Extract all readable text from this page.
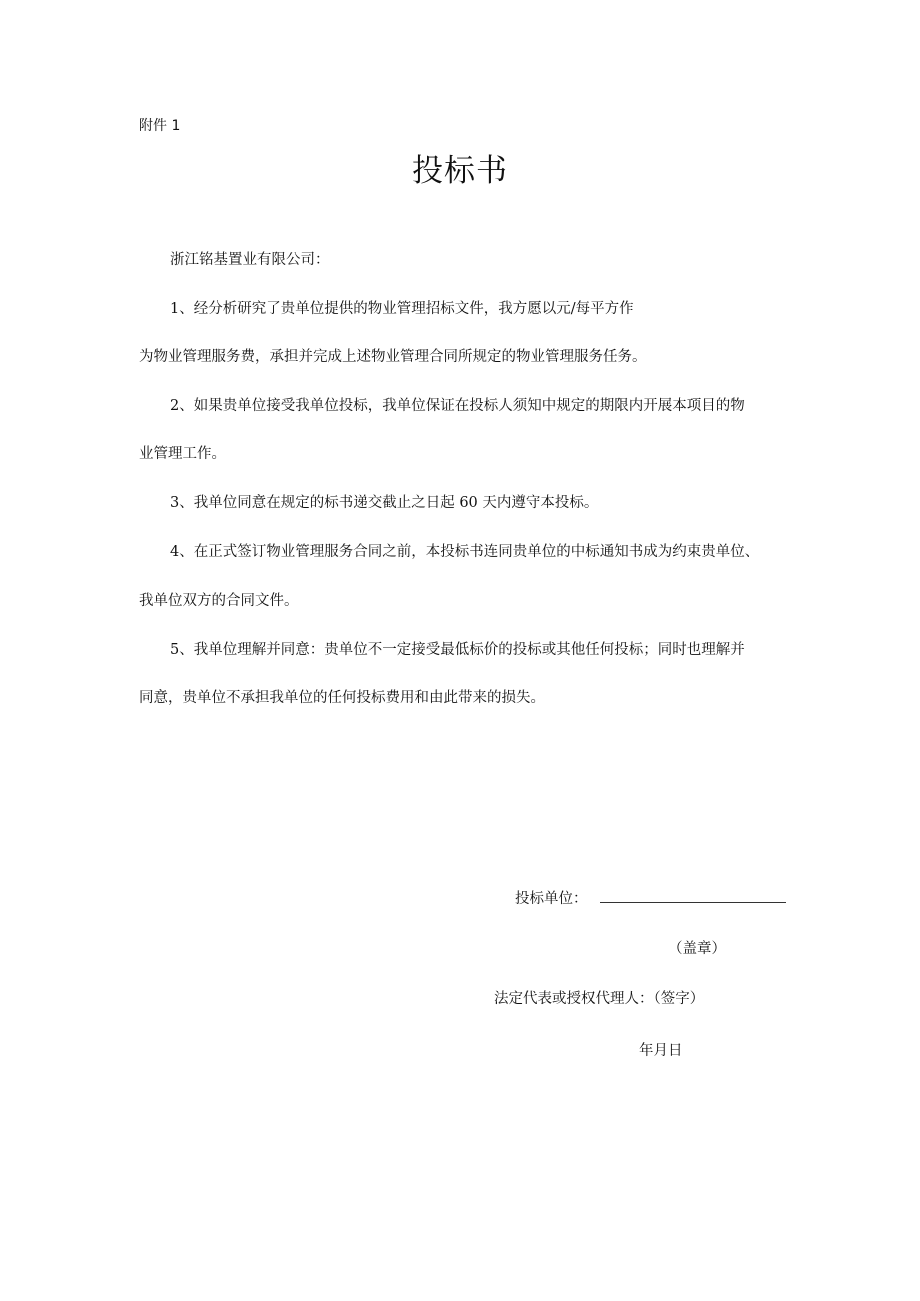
附件 1
投标书
浙江铭基置业有限公司：
1、经分析研究了贵单位提供的物业管理招标文件，我方愿以元/每平方作
为物业管理服务费，承担并完成上述物业管理合同所规定的物业管理服务任务。
2、如果贵单位接受我单位投标，我单位保证在投标人须知中规定的期限内开展本项目的物
业管理工作。
3、我单位同意在规定的标书递交截止之日起 60 天内遵守本投标。
4、在正式签订物业管理服务合同之前，本投标书连同贵单位的中标通知书成为约束贵单位、
我单位双方的合同文件。
5、我单位理解并同意：贵单位不一定接受最低标价的投标或其他任何投标；同时也理解并
同意，贵单位不承担我单位的任何投标费用和由此带来的损失。
投标单位：
（盖章）
法定代表或授权代理人：（签字）
年月日
